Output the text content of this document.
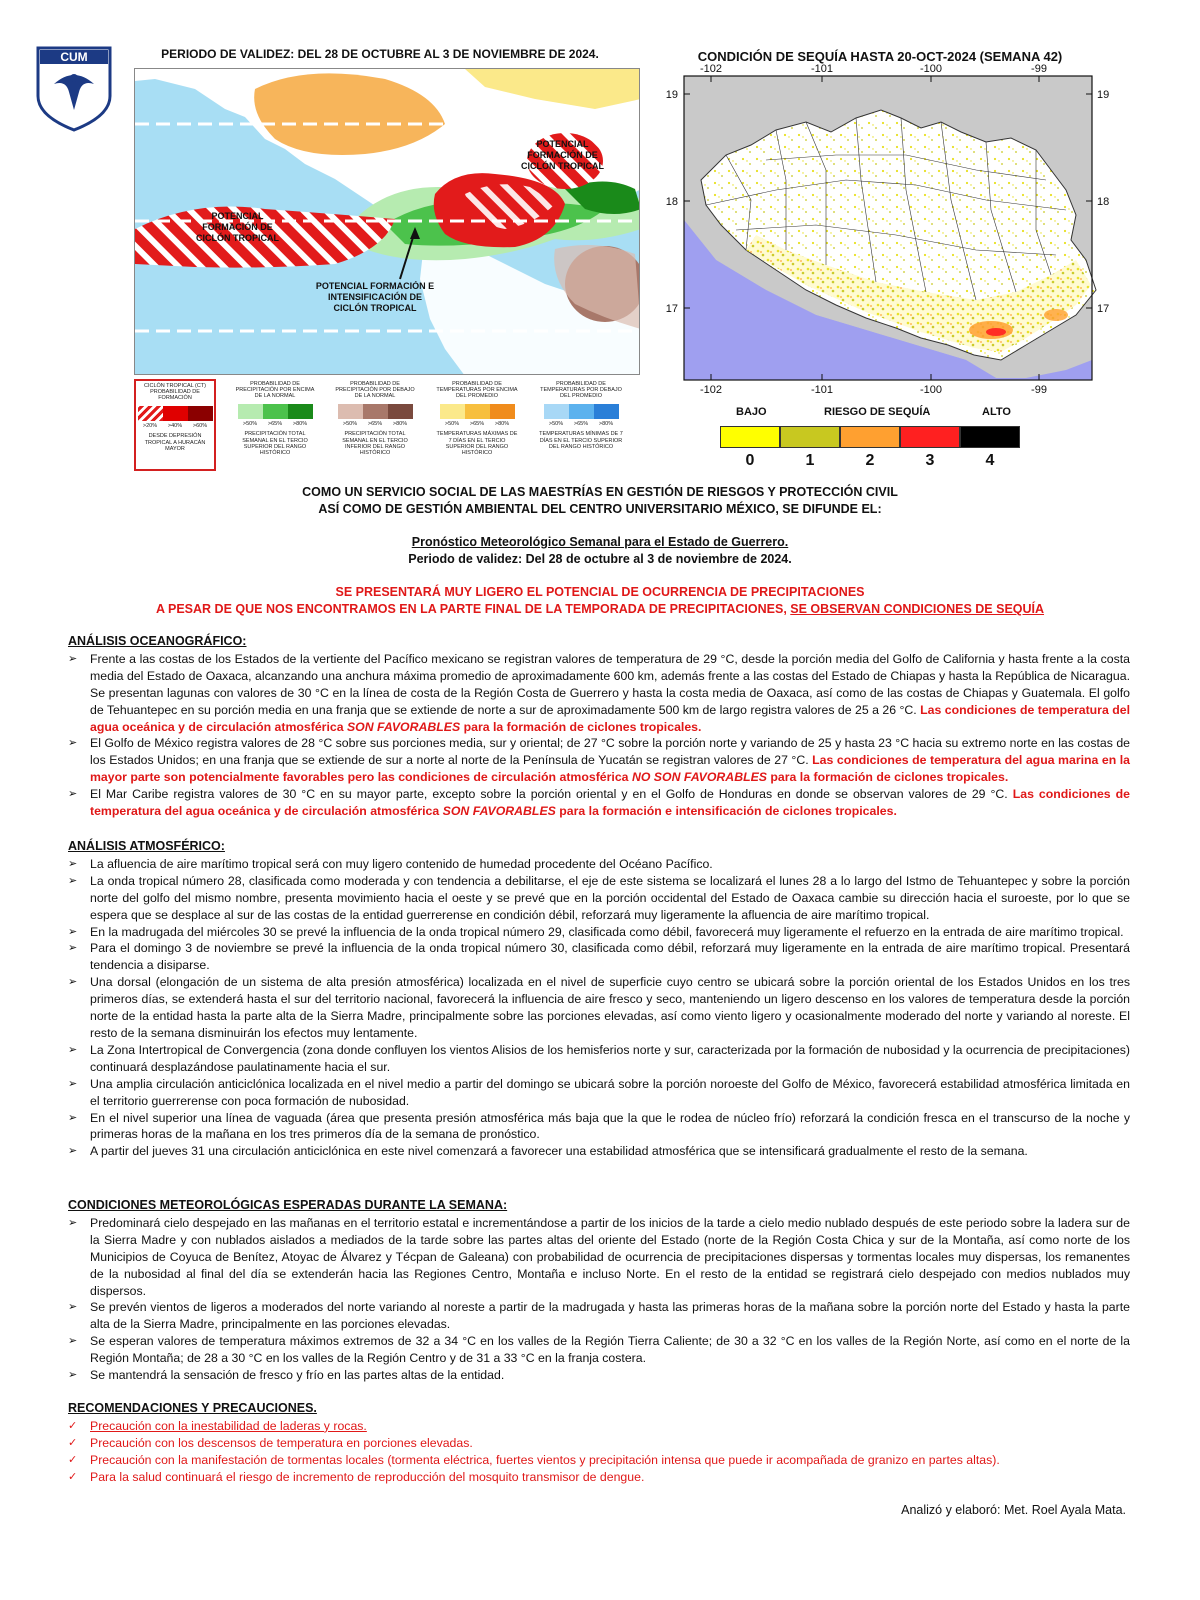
CUM	PERIODO DE VALIDEZ: DEL 28 DE OCTUBRE AL 3 DE NOVIEMBRE DE 2024.	CONDICIÓN DE SEQUÍA HASTA 20-OCT-2024 (SEMANA 42)
POTENCIAL FORMACIÓN DE CICLÓN TROPICAL
POTENCIAL FORMACIÓN DE CICLÓN TROPICAL
POTENCIAL FORMACIÓN E INTENSIFICACIÓN DE CICLÓN TROPICAL
CICLÓN TROPICAL (CT) PROBABILIDAD DE FORMACIÓN
>20%	>40%	>60%
DESDE DEPRESIÓN TROPICAL A HURACÁN MAYOR
PROBABILIDAD DE PRECIPITACIÓN POR ENCIMA DE LA NORMAL
>50%	>65%	>80%
PRECIPITACIÓN TOTAL SEMANAL EN EL TERCIO SUPERIOR DEL RANGO HISTÓRICO
PROBABILIDAD DE PRECIPITACIÓN POR DEBAJO DE LA NORMAL
>50%	>65%	>80%
PRECIPITACIÓN TOTAL SEMANAL EN EL TERCIO INFERIOR DEL RANGO HISTÓRICO
PROBABILIDAD DE TEMPERATURAS POR ENCIMA DEL PROMEDIO
>50%	>65%	>80%
TEMPERATURAS MÁXIMAS DE 7 DÍAS EN EL TERCIO SUPERIOR DEL RANGO HISTÓRICO
PROBABILIDAD DE TEMPERATURAS POR DEBAJO DEL PROMEDIO
>50%	>65%	>80%
TEMPERATURAS MÍNIMAS DE 7 DÍAS EN EL TERCIO SUPERIOR DEL RANGO HISTÓRICO
-102	-101	-100	-99
-102	-101	-100	-99
19
18
17
19
18
17
BAJO	RIESGO DE SEQUÍA	ALTO
0	1	2	3	4
COMO UN SERVICIO SOCIAL DE LAS MAESTRÍAS EN GESTIÓN DE RIESGOS Y PROTECCIÓN CIVIL
ASÍ COMO DE GESTIÓN AMBIENTAL DEL CENTRO UNIVERSITARIO MÉXICO, SE DIFUNDE EL:
Pronóstico Meteorológico Semanal para el Estado de Guerrero.
Periodo de validez: Del 28 de octubre al 3 de noviembre de 2024.
SE PRESENTARÁ MUY LIGERO EL POTENCIAL DE OCURRENCIA DE PRECIPITACIONES
A PESAR DE QUE NOS ENCONTRAMOS EN LA PARTE FINAL DE LA TEMPORADA DE PRECIPITACIONES, SE OBSERVAN CONDICIONES DE SEQUÍA
ANÁLISIS OCEANOGRÁFICO:
➢ Frente a las costas de los Estados de la vertiente del Pacífico mexicano se registran valores de temperatura de 29 °C, desde la porción media del Golfo de California y hasta frente a la costa media del Estado de Oaxaca, alcanzando una anchura máxima promedio de aproximadamente 600 km, además frente a las costas del Estado de Chiapas y hasta la República de Nicaragua. Se presentan lagunas con valores de 30 °C en la línea de costa de la Región Costa de Guerrero y hasta la costa media de Oaxaca, así como de las costas de Chiapas y Guatemala. El golfo de Tehuantepec en su porción media en una franja que se extiende de norte a sur de aproximadamente 500 km de largo registra valores de 25 a 26 °C. Las condiciones de temperatura del agua oceánica y de circulación atmosférica SON FAVORABLES para la formación de ciclones tropicales.
➢ El Golfo de México registra valores de 28 °C sobre sus porciones media, sur y oriental; de 27 °C sobre la porción norte y variando de 25 y hasta 23 °C hacia su extremo norte en las costas de los Estados Unidos; en una franja que se extiende de sur a norte al norte de la Península de Yucatán se registran valores de 27 °C. Las condiciones de temperatura del agua marina en la mayor parte son potencialmente favorables pero las condiciones de circulación atmosférica NO SON FAVORABLES para la formación de ciclones tropicales.
➢ El Mar Caribe registra valores de 30 °C en su mayor parte, excepto sobre la porción oriental y en el Golfo de Honduras en donde se observan valores de 29 °C. Las condiciones de temperatura del agua oceánica y de circulación atmosférica SON FAVORABLES para la formación e intensificación de ciclones tropicales.
ANÁLISIS ATMOSFÉRICO:
➢ La afluencia de aire marítimo tropical será con muy ligero contenido de humedad procedente del Océano Pacífico.
➢ La onda tropical número 28, clasificada como moderada y con tendencia a debilitarse, el eje de este sistema se localizará el lunes 28 a lo largo del Istmo de Tehuantepec y sobre la porción norte del golfo del mismo nombre, presenta movimiento hacia el oeste y se prevé que en la porción occidental del Estado de Oaxaca cambie su dirección hacia el suroeste, por lo que se espera que se desplace al sur de las costas de la entidad guerrerense en condición débil, reforzará muy ligeramente la afluencia de aire marítimo tropical.
➢ En la madrugada del miércoles 30 se prevé la influencia de la onda tropical número 29, clasificada como débil, favorecerá muy ligeramente el refuerzo en la entrada de aire marítimo tropical.
➢ Para el domingo 3 de noviembre se prevé la influencia de la onda tropical número 30, clasificada como débil, reforzará muy ligeramente en la entrada de aire marítimo tropical. Presentará tendencia a disiparse.
➢ Una dorsal (elongación de un sistema de alta presión atmosférica) localizada en el nivel de superficie cuyo centro se ubicará sobre la porción oriental de los Estados Unidos en los tres primeros días, se extenderá hasta el sur del territorio nacional, favorecerá la influencia de aire fresco y seco, manteniendo un ligero descenso en los valores de temperatura desde la porción norte de la entidad hasta la parte alta de la Sierra Madre, principalmente sobre las porciones elevadas, así como viento ligero y ocasionalmente moderado del norte y variando al noreste. El resto de la semana disminuirán los efectos muy lentamente.
➢ La Zona Intertropical de Convergencia (zona donde confluyen los vientos Alisios de los hemisferios norte y sur, caracterizada por la formación de nubosidad y la ocurrencia de precipitaciones) continuará desplazándose paulatinamente hacia el sur.
➢ Una amplia circulación anticiclónica localizada en el nivel medio a partir del domingo se ubicará sobre la porción noroeste del Golfo de México, favorecerá estabilidad atmosférica limitada en el territorio guerrerense con poca formación de nubosidad.
➢ En el nivel superior una línea de vaguada (área que presenta presión atmosférica más baja que la que le rodea de núcleo frío) reforzará la condición fresca en el transcurso de la noche y primeras horas de la mañana en los tres primeros día de la semana de pronóstico.
➢ A partir del jueves 31 una circulación anticiclónica en este nivel comenzará a favorecer una estabilidad atmosférica que se intensificará gradualmente el resto de la semana.
CONDICIONES METEOROLÓGICAS ESPERADAS DURANTE LA SEMANA:
➢ Predominará cielo despejado en las mañanas en el territorio estatal e incrementándose a partir de los inicios de la tarde a cielo medio nublado después de este periodo sobre la ladera sur de la Sierra Madre y con nublados aislados a mediados de la tarde sobre las partes altas del oriente del Estado (norte de la Región Costa Chica y sur de la Montaña, así como norte de los Municipios de Coyuca de Benítez, Atoyac de Álvarez y Técpan de Galeana) con probabilidad de ocurrencia de precipitaciones dispersas y tormentas locales muy dispersas, los remanentes de la nubosidad al final del día se extenderán hacia las Regiones Centro, Montaña e incluso Norte. En el resto de la entidad se registrará cielo despejado con medios nublados muy dispersos.
➢ Se prevén vientos de ligeros a moderados del norte variando al noreste a partir de la madrugada y hasta las primeras horas de la mañana sobre la porción norte del Estado y hasta la parte alta de la Sierra Madre, principalmente en las porciones elevadas.
➢ Se esperan valores de temperatura máximos extremos de 32 a 34 °C en los valles de la Región Tierra Caliente; de 30 a 32 °C en los valles de la Región Norte, así como en el norte de la Región Montaña; de 28 a 30 °C en los valles de la Región Centro y de 31 a 33 °C en la franja costera.
➢ Se mantendrá la sensación de fresco y frío en las partes altas de la entidad.
RECOMENDACIONES Y PRECAUCIONES.
✓ Precaución con la inestabilidad de laderas y rocas.
✓ Precaución con los descensos de temperatura en porciones elevadas.
✓ Precaución con la manifestación de tormentas locales (tormenta eléctrica, fuertes vientos y precipitación intensa que puede ir acompañada de granizo en partes altas).
✓ Para la salud continuará el riesgo de incremento de reproducción del mosquito transmisor de dengue.
Analizó y elaboró: Met. Roel Ayala Mata.
